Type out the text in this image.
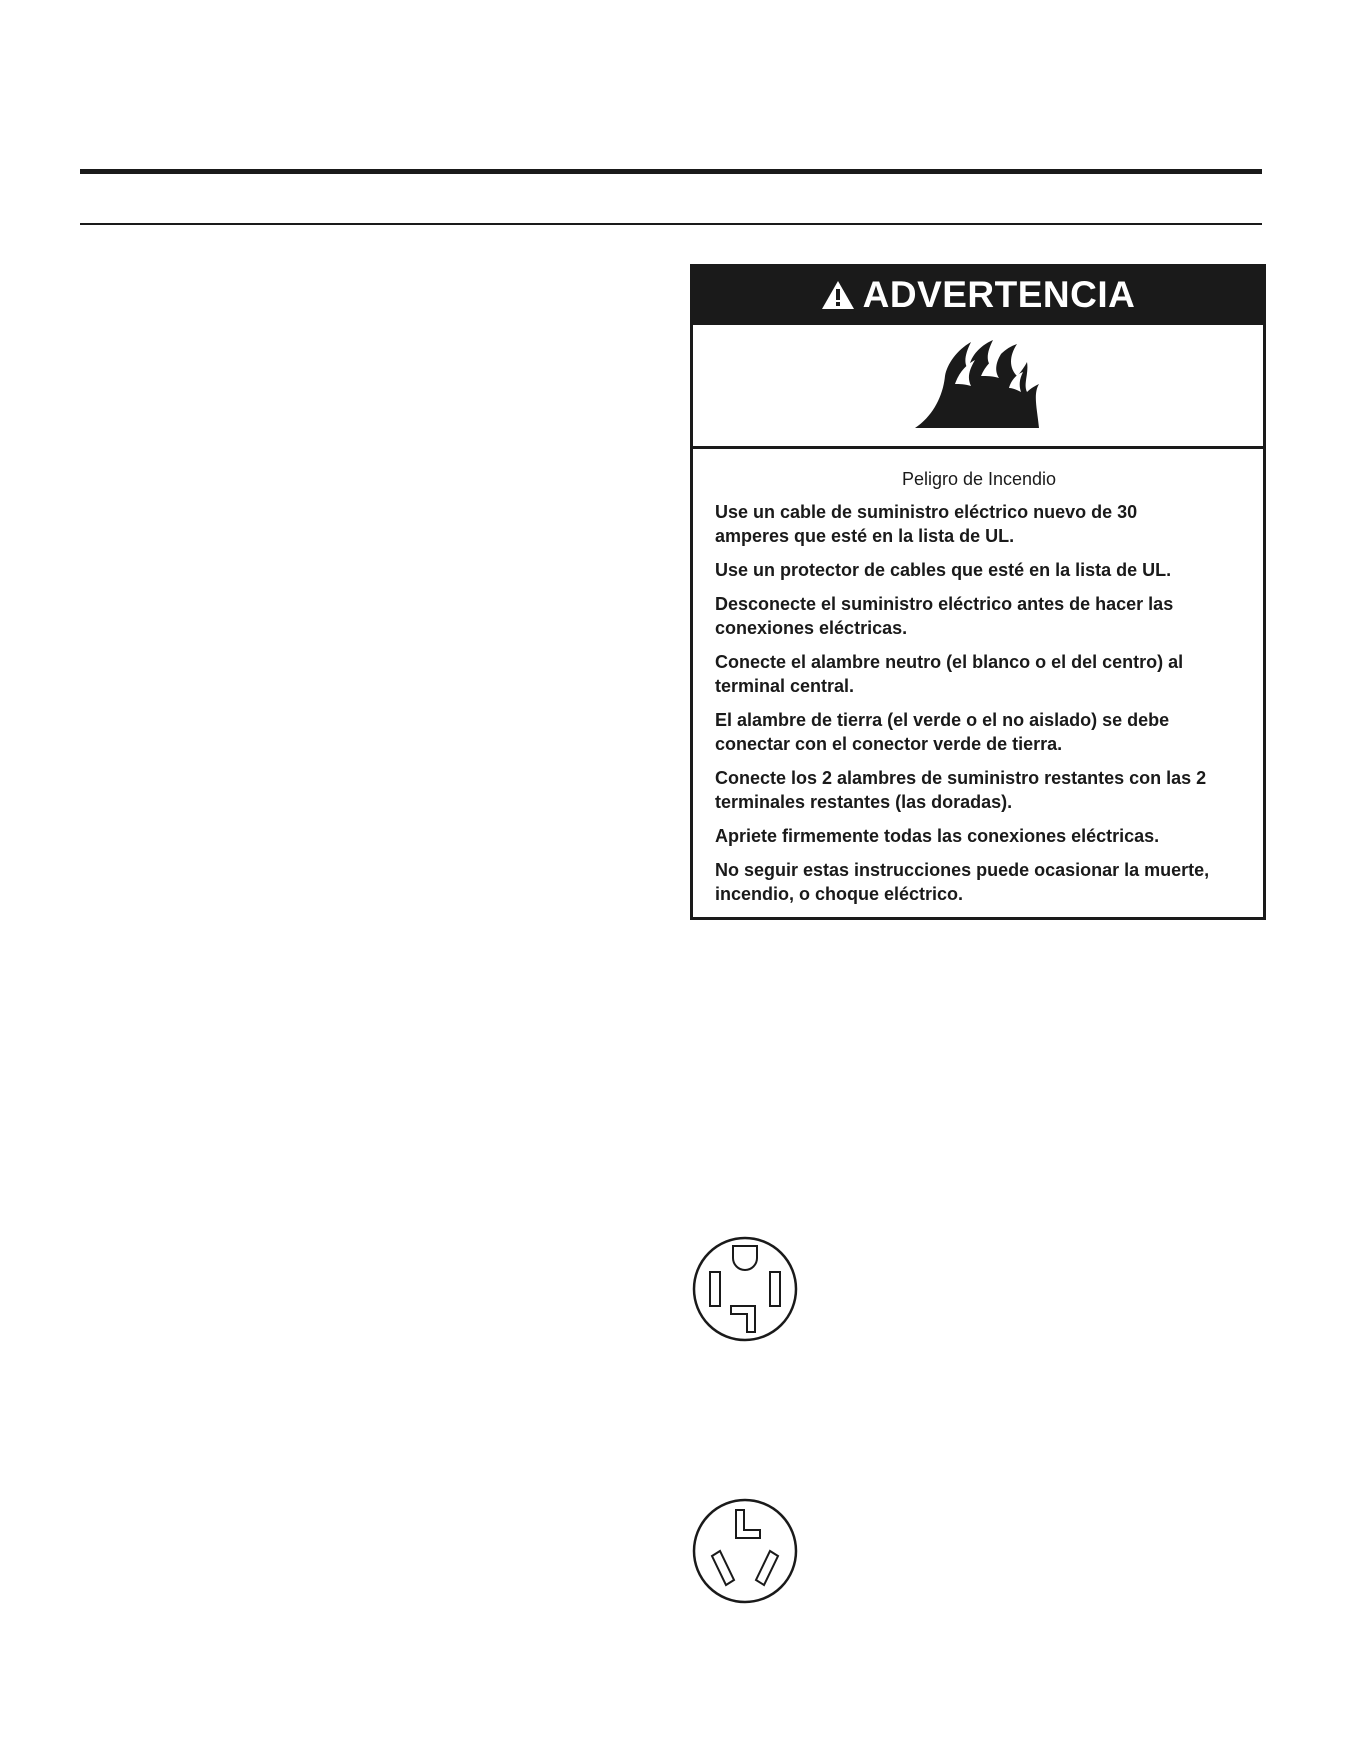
ADVERTENCIA

Peligro de Incendio

Use un cable de suministro eléctrico nuevo de 30 amperes que esté en la lista de UL.

Use un protector de cables que esté en la lista de UL.

Desconecte el suministro eléctrico antes de hacer las conexiones eléctricas.

Conecte el alambre neutro (el blanco o el del centro) al terminal central.

El alambre de tierra (el verde o el no aislado) se debe conectar con el conector verde de tierra.

Conecte los 2 alambres de suministro restantes con las 2 terminales restantes (las doradas).

Apriete firmemente todas las conexiones eléctricas.

No seguir estas instrucciones puede ocasionar la muerte, incendio, o choque eléctrico.
